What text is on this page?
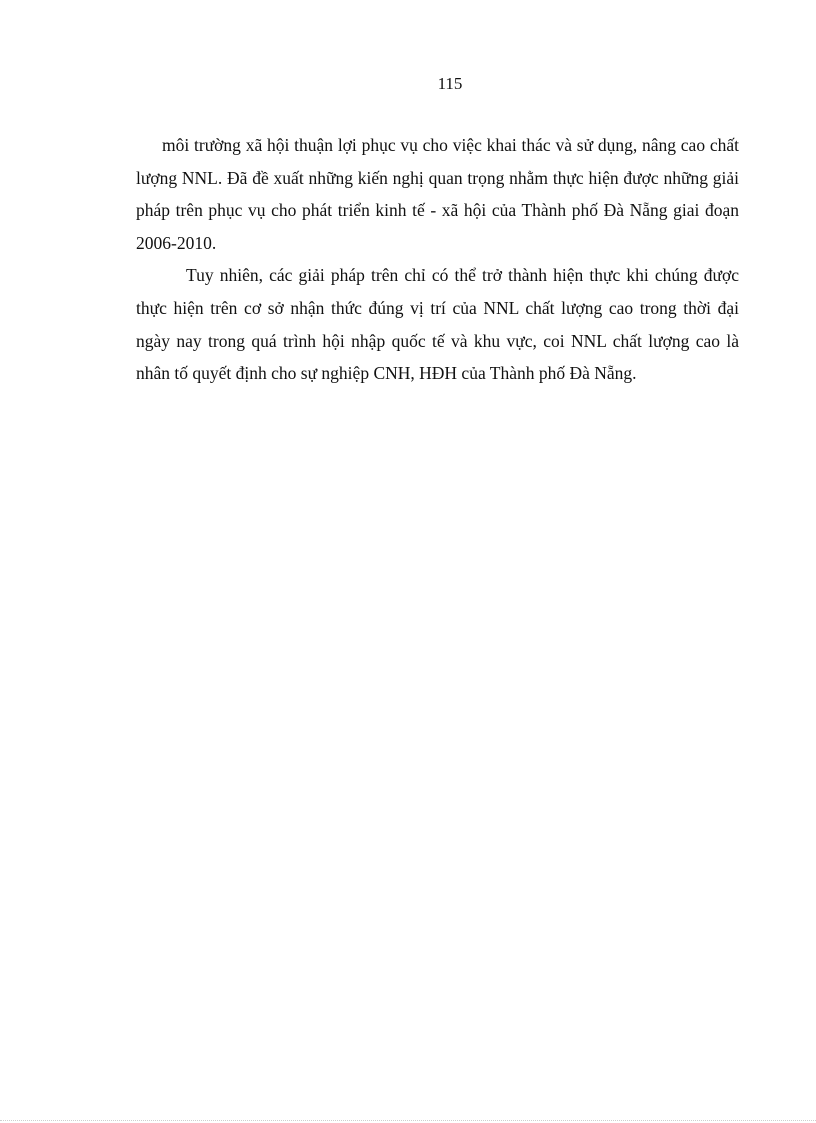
115

môi trường xã hội thuận lợi phục vụ cho việc khai thác và sử dụng, nâng cao chất lượng NNL. Đã đề xuất những kiến nghị quan trọng nhằm thực hiện được những giải pháp trên phục vụ cho phát triển kinh tế - xã hội của Thành phố Đà Nẵng giai đoạn 2006-2010.

Tuy nhiên, các giải pháp trên chỉ có thể trở thành hiện thực khi chúng được thực hiện trên cơ sở nhận thức đúng vị trí của NNL chất lượng cao trong thời đại ngày nay trong quá trình hội nhập quốc tế và khu vực, coi NNL chất lượng cao là nhân tố quyết định cho sự nghiệp CNH, HĐH của Thành phố Đà Nẵng.
